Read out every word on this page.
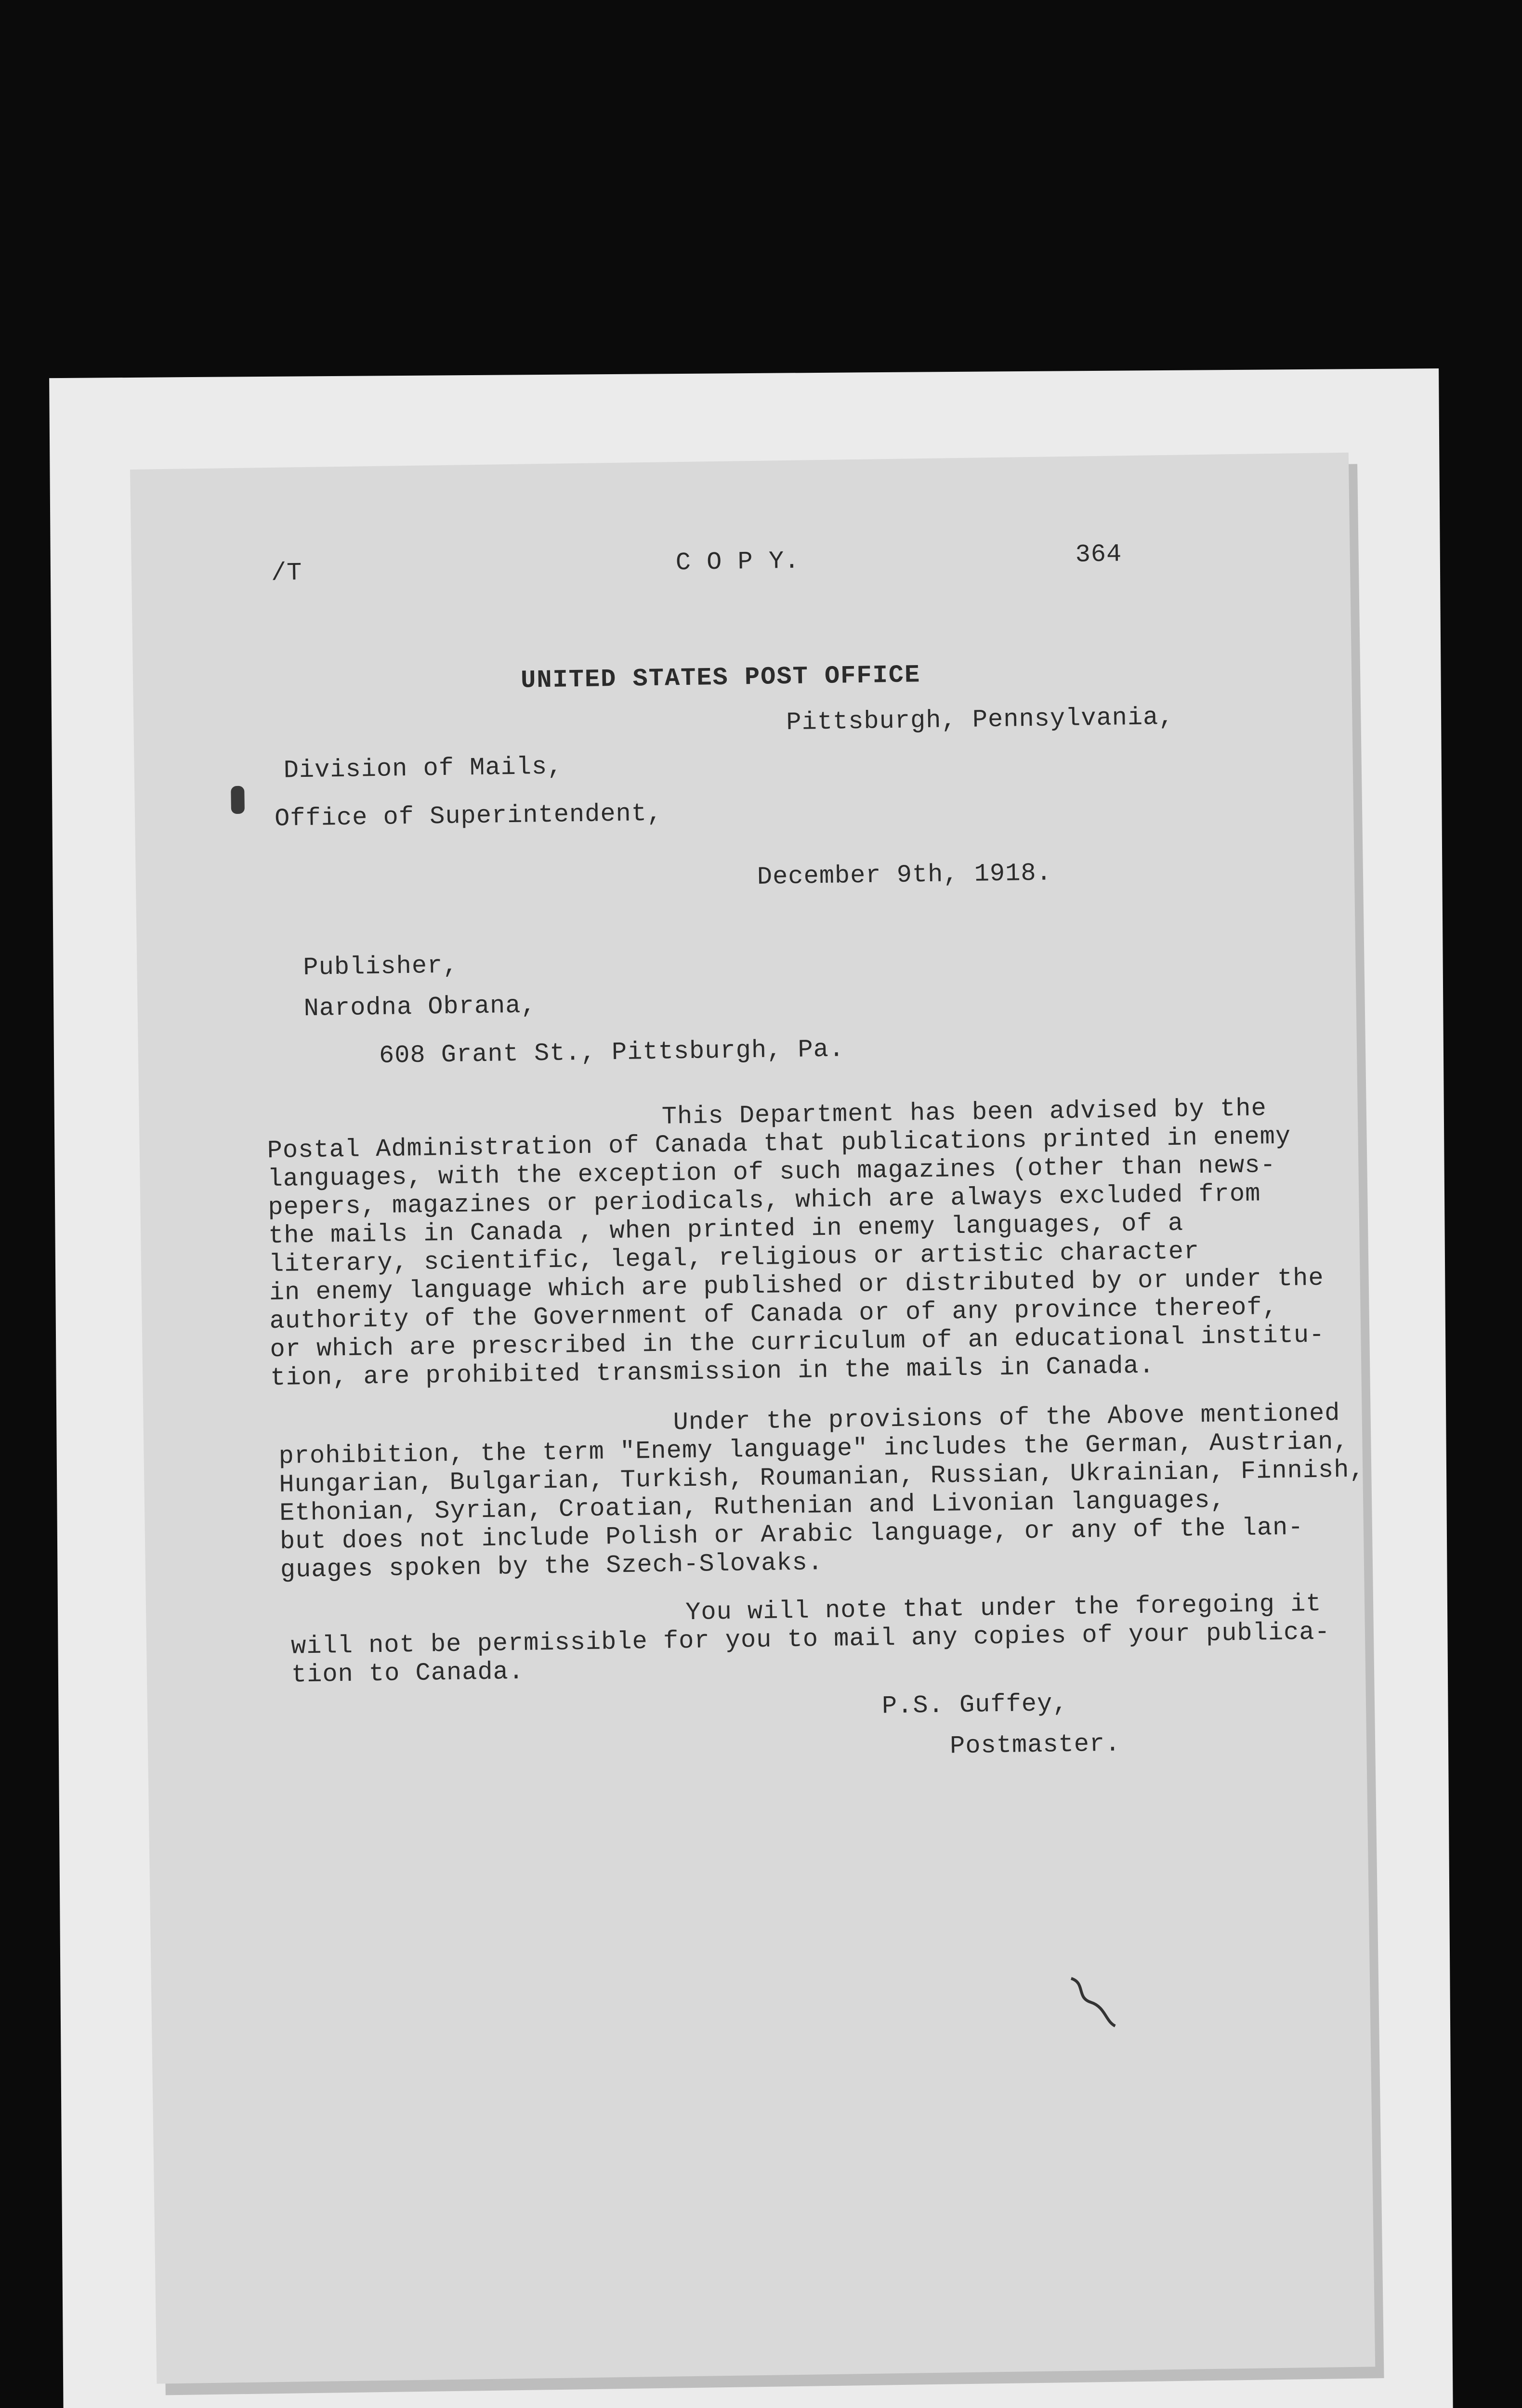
/T	C O P Y.	364
UNITED STATES POST OFFICE
Pittsburgh, Pennsylvania,
Division of Mails,
Office of Superintendent,
December 9th, 1918.
Publisher,
Narodna Obrana,
608 Grant St., Pittsburgh, Pa.
This Department has been advised by the
Postal Administration of Canada that publications printed in enemy
languages, with the exception of such magazines (other than news-
pepers, magazines or periodicals, which are always excluded from
the mails in Canada , when printed in enemy languages, of a
literary, scientific, legal, religious or artistic character
in enemy language which are published or distributed by or under the
authority of the Government of Canada or of any province thereof,
or which are prescribed in the curriculum of an educational institu-
tion, are prohibited transmission in the mails in Canada.
Under the provisions of the Above mentioned
prohibition, the term "Enemy language" includes the German, Austrian,
Hungarian, Bulgarian, Turkish, Roumanian, Russian, Ukrainian, Finnish,
Ethonian, Syrian, Croatian, Ruthenian and Livonian languages,
but does not include Polish or Arabic language, or any of the lan-
guages spoken by the Szech-Slovaks.
You will note that under the foregoing it
will not be permissible for you to mail any copies of your publica-
tion to Canada.
P.S. Guffey,
Postmaster.
